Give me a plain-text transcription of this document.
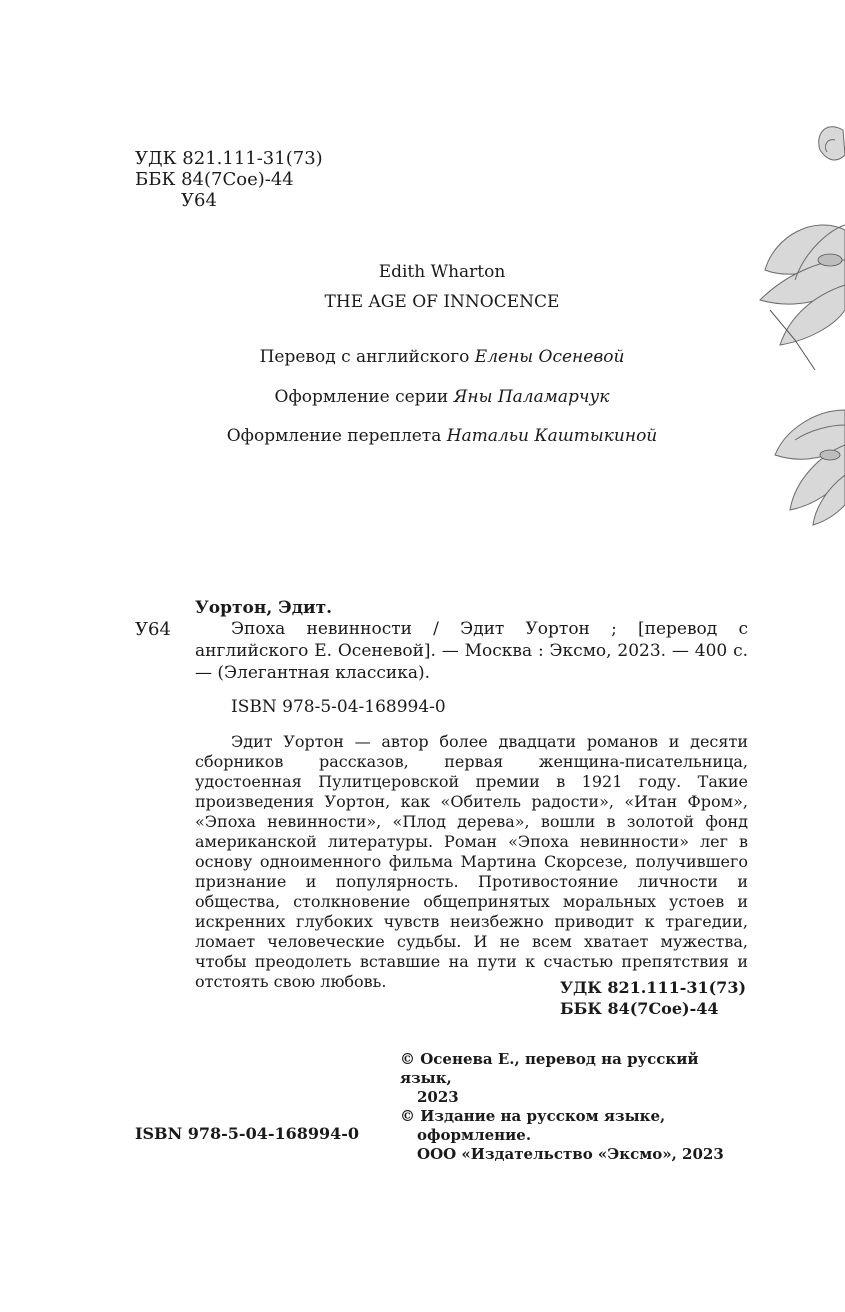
УДК 821.111-31(73)
ББК 84(7Сое)-44
У64
Edith Wharton
THE AGE OF INNOCENCE
Перевод с английского Елены Осеневой
Оформление серии Яны Паламарчук
Оформление переплета Натальи Каштыкиной
Уортон, Эдит.
У64	Эпоха невинности / Эдит Уортон ; [перевод с английского Е. Осеневой]. — Москва : Эксмо, 2023. — 400 с. — (Элегантная классика).
ISBN 978-5-04-168994-0
Эдит Уортон — автор более двадцати романов и десяти сборников рассказов, первая женщина-писательница, удостоенная Пулитцеровской премии в 1921 году. Такие произведения Уортон, как «Обитель радости», «Итан Фром», «Эпоха невинности», «Плод дерева», вошли в золотой фонд американской литературы. Роман «Эпоха невинности» лег в основу одноименного фильма Мартина Скорсезе, получившего признание и популярность. Противостояние личности и общества, столкновение общепринятых моральных устоев и искренних глубоких чувств неизбежно приводит к трагедии, ломает человеческие судьбы. И не всем хватает мужества, чтобы преодолеть вставшие на пути к счастью препятствия и отстоять свою любовь.	УДК 821.111-31(73)
ББК 84(7Сое)-44
© Осенева Е., перевод на русский язык,
2023
© Издание на русском языке,
оформление.
ООО «Издательство «Эксмо», 2023
ISBN 978-5-04-168994-0
